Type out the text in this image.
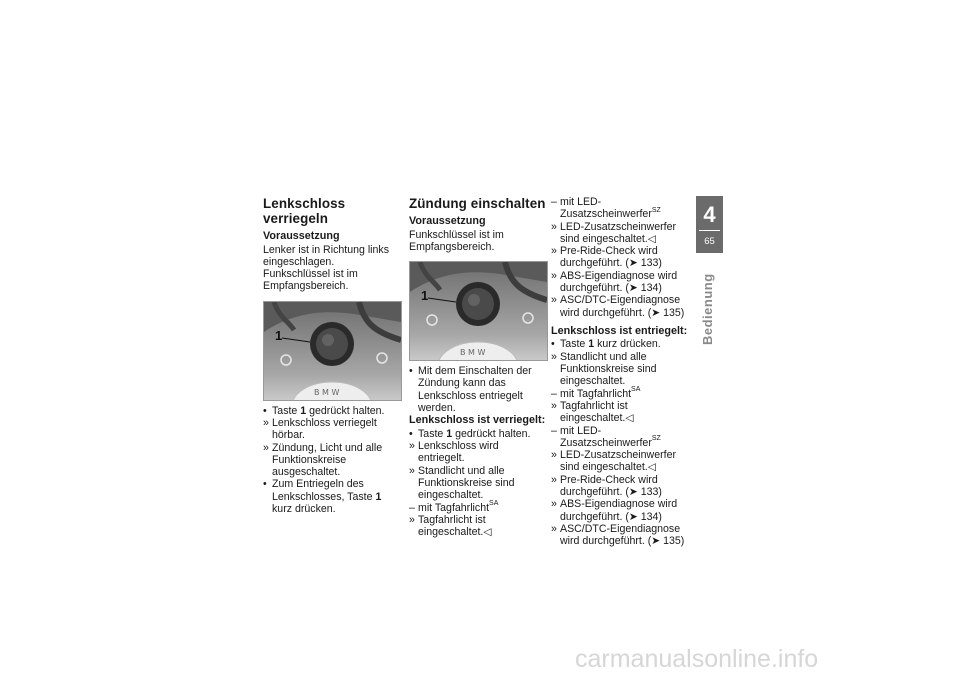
Lenkschloss verriegeln
Voraussetzung

Lenker ist in Richtung links eingeschlagen. Funkschlüssel ist im Empfangsbereich.

B M W
1

• Taste 1 gedrückt halten.

» Lenkschloss verriegelt hörbar.

» Zündung, Licht und alle Funktionskreise ausgeschaltet.

• Zum Entriegeln des Lenkschlosses, Taste 1 kurz drücken.

Zündung einschalten
Voraussetzung

Funkschlüssel ist im Empfangsbereich.

B M W
1

• Mit dem Einschalten der Zündung kann das Lenkschloss entriegelt werden.

Lenkschloss ist verriegelt:

• Taste 1 gedrückt halten.

» Lenkschloss wird entriegelt.

» Standlicht und alle Funktionskreise sind eingeschaltet.

– mit Tagfahrlicht$^{SA}$

» Tagfahrlicht ist eingeschaltet.◁

– mit LED-Zusatzscheinwerfer$^{SZ}$

» LED-Zusatzscheinwerfer sind eingeschaltet.◁

» Pre-Ride-Check wird durchgeführt. (➤ 133)

» ABS-Eigendiagnose wird durchgeführt. (➤ 134)

» ASC/DTC-Eigendiagnose wird durchgeführt. (➤ 135)

Lenkschloss ist entriegelt:

• Taste 1 kurz drücken.

» Standlicht und alle Funktionskreise sind eingeschaltet.

– mit Tagfahrlicht$^{SA}$

» Tagfahrlicht ist eingeschaltet.◁

– mit LED-Zusatzscheinwerfer$^{SZ}$

» LED-Zusatzscheinwerfer sind eingeschaltet.◁

» Pre-Ride-Check wird durchgeführt. (➤ 133)

» ABS-Eigendiagnose wird durchgeführt. (➤ 134)

» ASC/DTC-Eigendiagnose wird durchgeführt. (➤ 135)

4
65
Bedienung
carmanualsonline.info
